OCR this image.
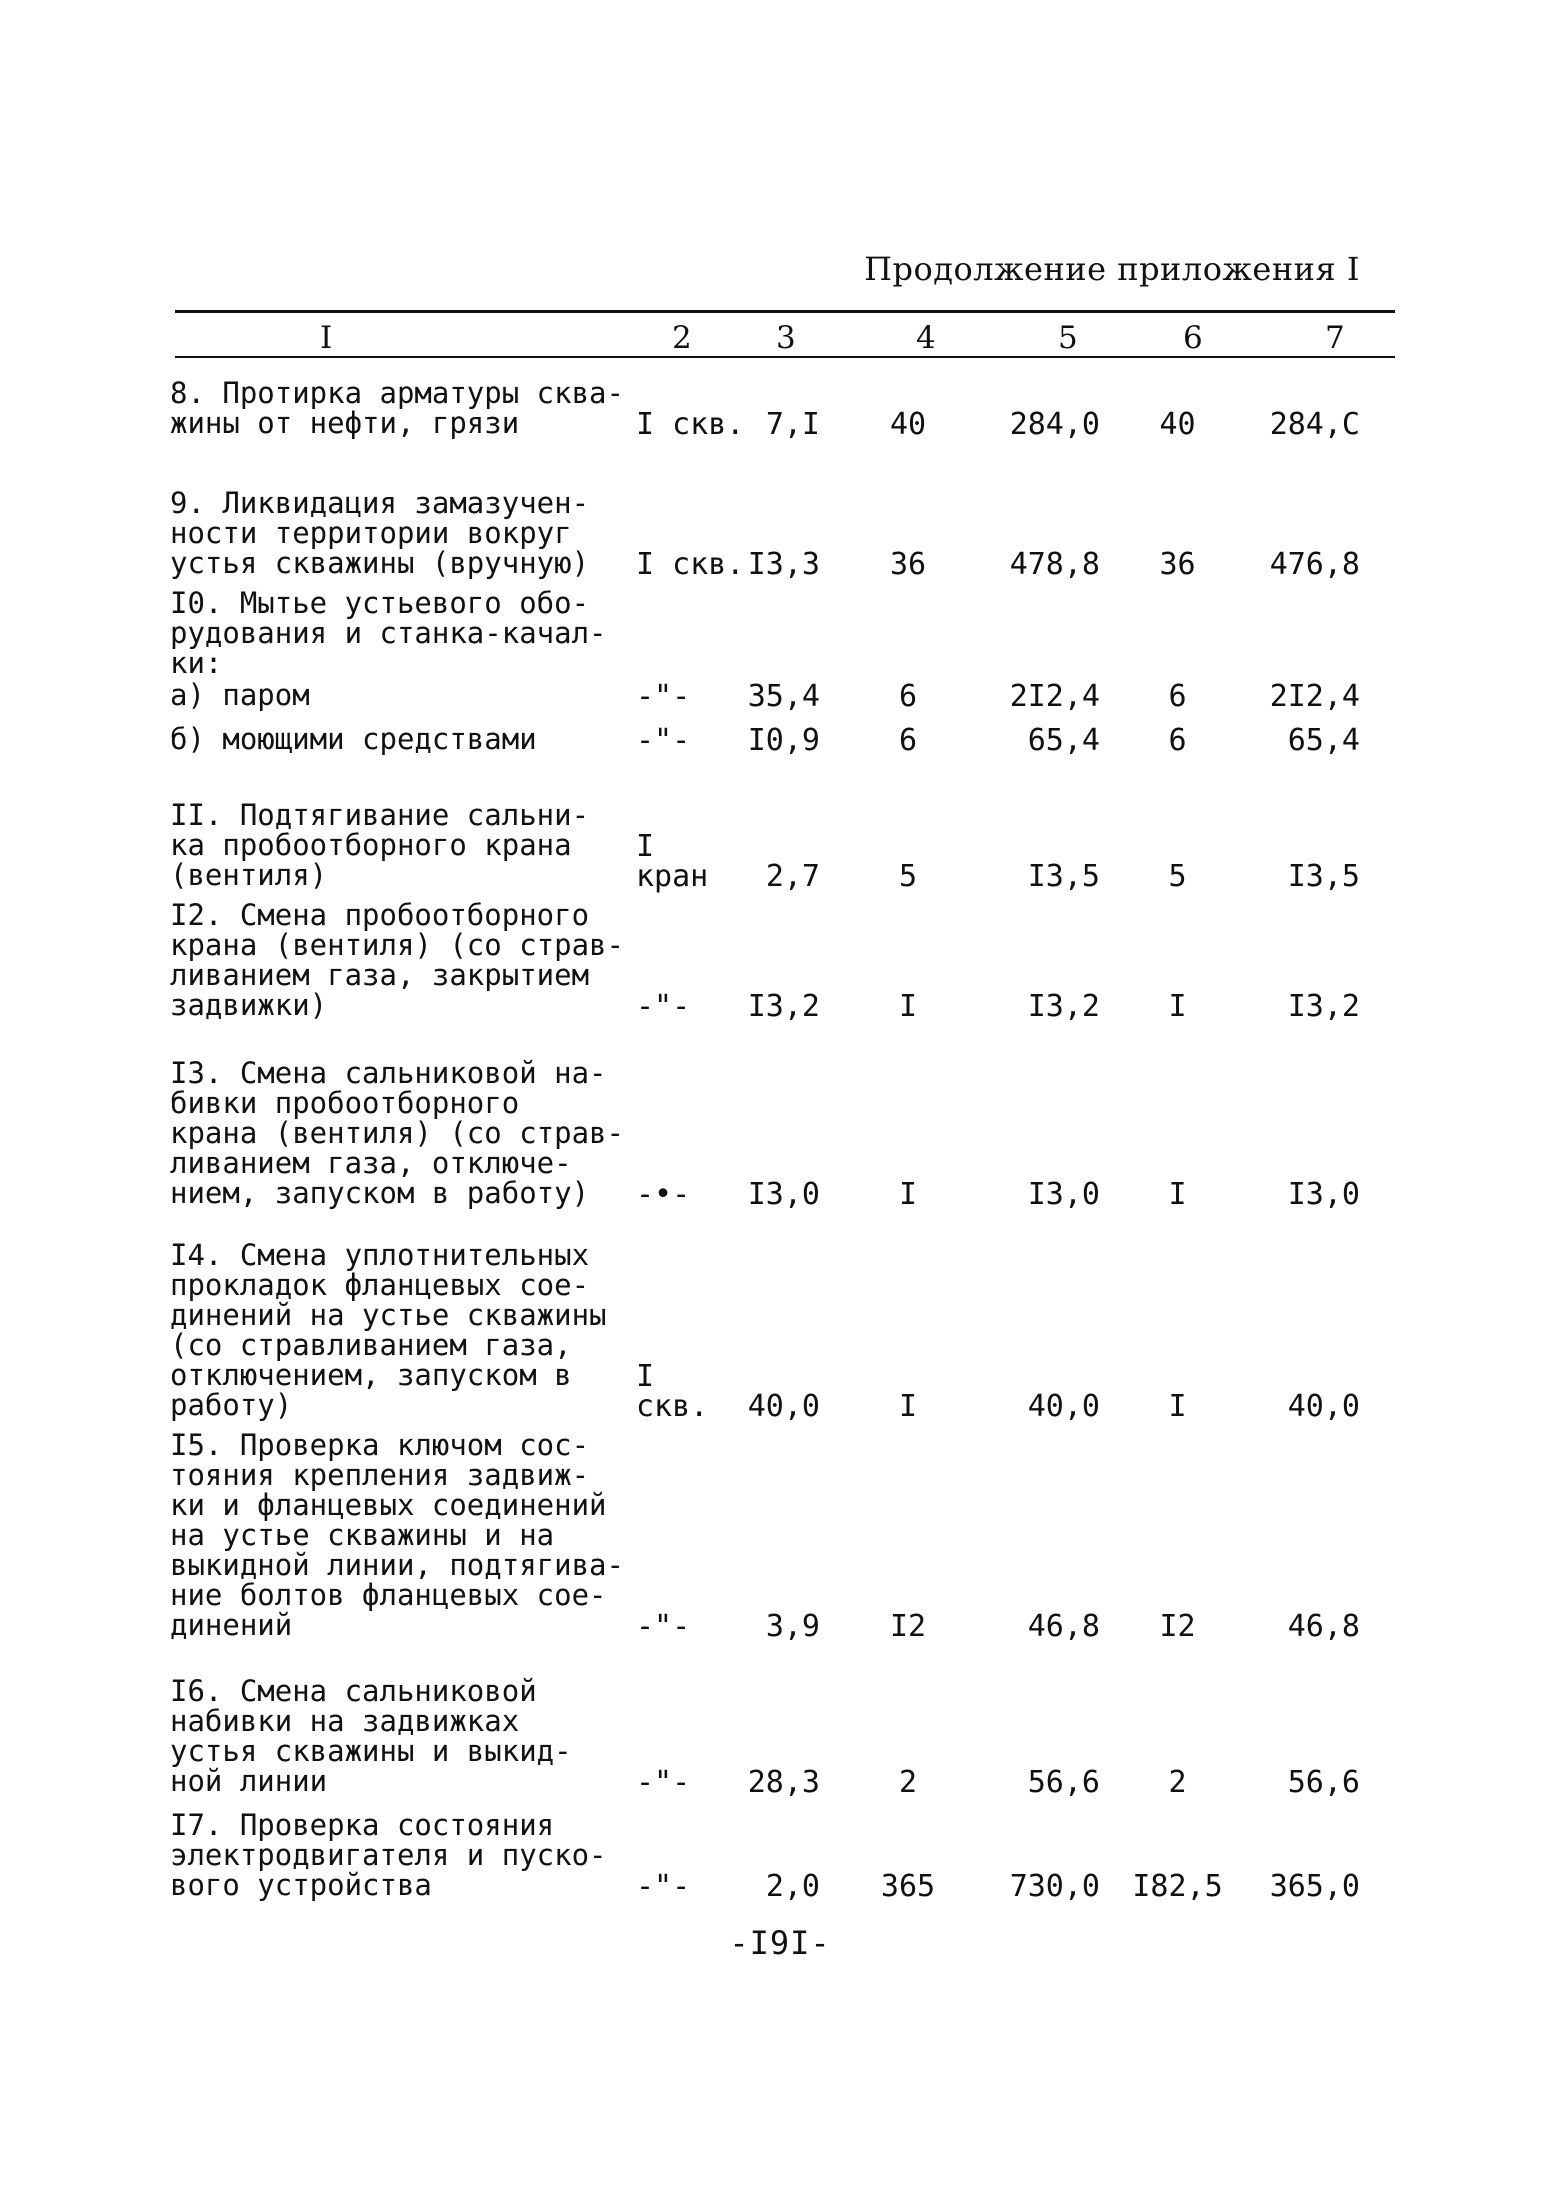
Продолжение приложения I
I	2	3	4	5	6	7
8. Протирка арматуры сква-
жины от нефти, грязи	I скв. 7,I	40	284,0	40	284,С
9. Ликвидация замазучен-
ности территории вокруг
устья скважины (вручную)	I скв. I3,3	36	478,8	36	476,8
I0. Мытье устьевого обо-
рудования и станка-качал-
ки:
а) паром	-"-	35,4	6	2I2,4	6	2I2,4
б) моющими средствами	-"-	I0,9	6	65,4	6	65,4
II. Подтягивание сальни-
ка пробоотборного крана
(вентиля)
I
кран	2,7	5	I3,5	5	I3,5
I2. Смена пробоотборного
крана (вентиля) (со страв-
ливанием газа, закрытием
задвижки)	-"-	I3,2	I	I3,2	I	I3,2
I3. Смена сальниковой на-
бивки пробоотборного
крана (вентиля) (со страв-
ливанием газа, отключе-
нием, запуском в работу)	-•-	I3,0	I	I3,0	I	I3,0
I4. Смена уплотнительных
прокладок фланцевых сое-
динений на устье скважины
(со стравливанием газа,
отключением, запуском в
работу)
I
скв.	40,0	I	40,0	I	40,0
I5. Проверка ключом сос-
тояния крепления задвиж-
ки и фланцевых соединений
на устье скважины и на
выкидной линии, подтягива-
ние болтов фланцевых сое-
динений	-"-	3,9	I2	46,8	I2	46,8
I6. Смена сальниковой
набивки на задвижках
устья скважины и выкид-
ной линии	-"-	28,3	2	56,6	2	56,6
I7. Проверка состояния
электродвигателя и пуско-
вого устройства	-"-	2,0	365	730,0 I82,5	365,0
-I9I-
